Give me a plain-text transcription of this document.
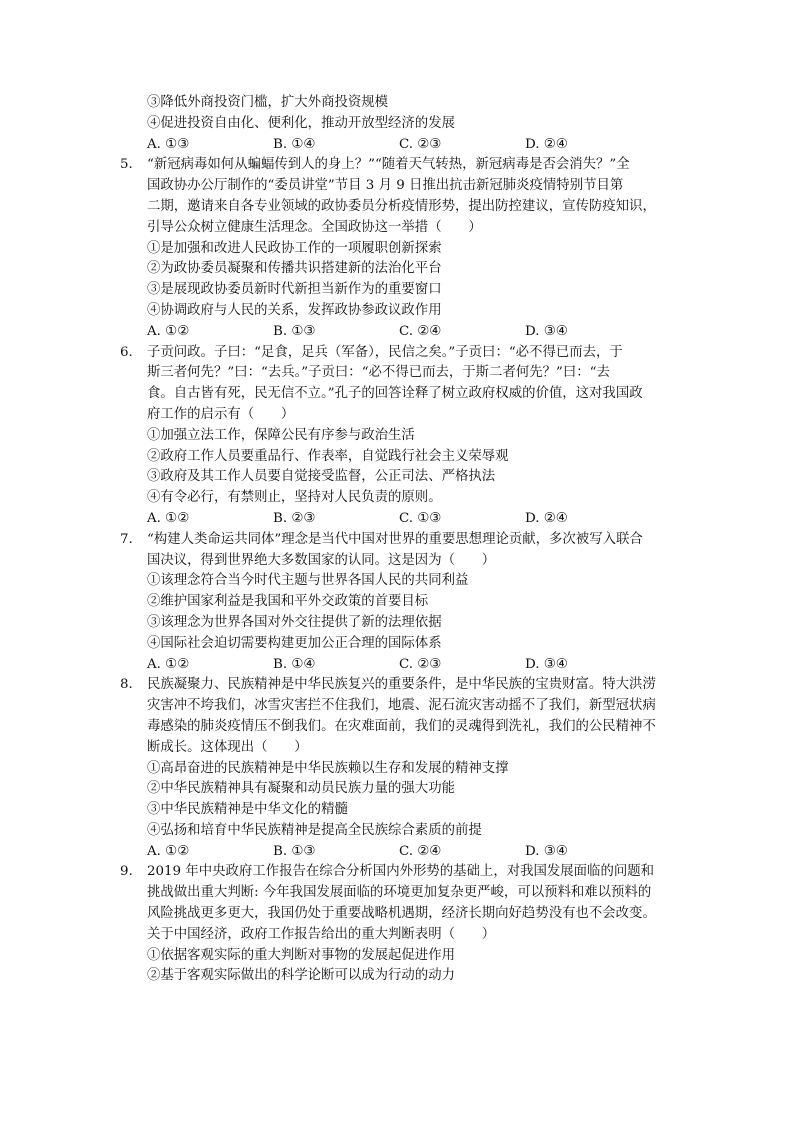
③降低外商投资门槛，扩大外商投资规模
④促进投资自由化、便利化，推动开放型经济的发展
A. ①③	B. ①④	C. ②③	D. ②④
5.	“新冠病毒如何从蝙蝠传到人的身上？”“随着天气转热，新冠病毒是否会消失？”全
国政协办公厅制作的“委员讲堂”节目 3 月 9 日推出抗击新冠肺炎疫情特别节目第
二期，邀请来自各专业领域的政协委员分析疫情形势，提出防控建议，宣传防疫知识，
引导公众树立健康生活理念。全国政协这一举措（　　）
①是加强和改进人民政协工作的一项履职创新探索
②为政协委员凝聚和传播共识搭建新的法治化平台
③是展现政协委员新时代新担当新作为的重要窗口
④协调政府与人民的关系，发挥政协参政议政作用
A. ①②	B. ①③	C. ②④	D. ③④
6.	子贡问政。子曰：“足食，足兵（军备），民信之矣。”子贡曰：“必不得已而去，于
斯三者何先？”曰：“去兵。”子贡曰：“必不得已而去，于斯二者何先？”曰：“去
食。自古皆有死，民无信不立。”孔子的回答诠释了树立政府权威的价值，这对我国政
府工作的启示有（　　）
①加强立法工作，保障公民有序参与政治生活
②政府工作人员要重品行、作表率，自觉践行社会主义荣辱观
③政府及其工作人员要自觉接受监督，公正司法、严格执法
④有令必行，有禁则止，坚持对人民负责的原则。
A. ①②	B. ②③	C. ①③	D. ②④
7.	“构建人类命运共同体”理念是当代中国对世界的重要思想理论贡献，多次被写入联合
国决议，得到世界绝大多数国家的认同。这是因为（　　）
①该理念符合当今时代主题与世界各国人民的共同利益
②维护国家利益是我国和平外交政策的首要目标
③该理念为世界各国对外交往提供了新的法理依据
④国际社会迫切需要构建更加公正合理的国际体系
A. ①②	B. ①④	C. ②③	D. ③④
8.	民族凝聚力、民族精神是中华民族复兴的重要条件，是中华民族的宝贵财富。特大洪涝
灾害冲不垮我们，冰雪灾害拦不住我们，地震、泥石流灾害动摇不了我们，新型冠状病
毒感染的肺炎疫情压不倒我们。在灾难面前，我们的灵魂得到洗礼，我们的公民精神不
断成长。这体现出（　　）
①高昂奋进的民族精神是中华民族赖以生存和发展的精神支撑
②中华民族精神具有凝聚和动员民族力量的强大功能
③中华民族精神是中华文化的精髓
④弘扬和培育中华民族精神是提高全民族综合素质的前提
A. ①②	B. ①③	C. ②④	D. ③④
9.	2019 年中央政府工作报告在综合分析国内外形势的基础上，对我国发展面临的问题和
挑战做出重大判断: 今年我国发展面临的环境更加复杂更严峻，可以预料和难以预料的
风险挑战更多更大，我国仍处于重要战略机遇期，经济长期向好趋势没有也不会改变。
关于中国经济，政府工作报告给出的重大判断表明（　　）
①依据客观实际的重大判断对事物的发展起促进作用
②基于客观实际做出的科学论断可以成为行动的动力
